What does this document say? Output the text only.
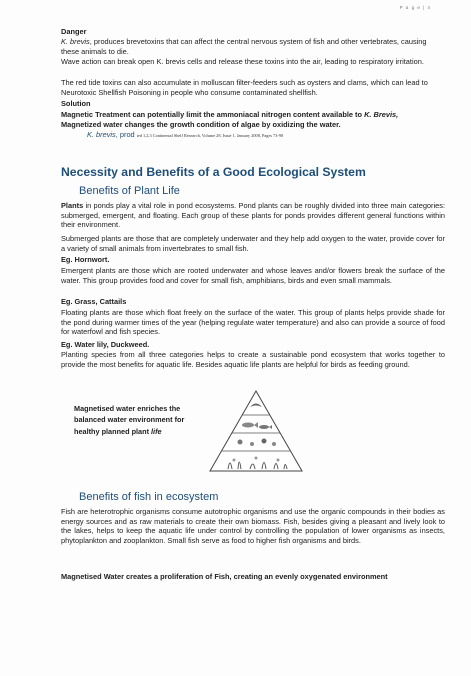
P a g e | 4

Danger

K. brevis, produces brevetoxins that can affect the central nervous system of fish and other vertebrates, causing these animals to die.

Wave action can break open K. brevis cells and release these toxins into the air, leading to respiratory irritation.

The red tide toxins can also accumulate in molluscan filter-feeders such as oysters and clams, which can lead to Neurotoxic Shellfish Poisoning in people who consume contaminated shellfish.

Solution

Magnetic Treatment can potentially limit the ammoniacal nitrogen content available to K. Brevis,

Magnetized water changes the growth condition of algae by oxidizing the water.

K. brevis, prod ted 1,2,3 Continental Shelf Research, Volume 28, Issue 1, January 2008, Pages 73-98

Necessity and Benefits of a Good Ecological System
Benefits of Plant Life

Plants in ponds play a vital role in pond ecosystems. Pond plants can be roughly divided into three main categories: submerged, emergent, and floating. Each group of these plants for ponds provides different general functions within their environment.

Submerged plants are those that are completely underwater and they help add oxygen to the water, provide cover for a variety of small animals from invertebrates to small fish.

Eg. Hornwort.

Emergent plants are those which are rooted underwater and whose leaves and/or flowers break the surface of the water. This group provides food and cover for small fish, amphibians, birds and even small mammals.

Eg. Grass, Cattails

Floating plants are those which float freely on the surface of the water. This group of plants helps provide shade for the pond during warmer times of the year (helping regulate water temperature) and also can provide a source of food for waterfowl and fish species.

Eg. Water lily, Duckweed.

Planting species from all three categories helps to create a sustainable pond ecosystem that works together to provide the most benefits for aquatic life. Besides aquatic life plants are helpful for birds as feeding ground.

Magnetised water enriches the balanced water environment for healthy planned plant life

Benefits of fish in ecosystem

Fish are heterotrophic organisms consume autotrophic organisms and use the organic compounds in their bodies as energy sources and as raw materials to create their own biomass. Fish, besides giving a pleasant and lively look to the lakes, helps to keep the aquatic life under control by controlling the population of lower organisms as insects, phytoplankton and zooplankton. Small fish serve as food to higher fish organisms and birds.

Magnetised Water creates a proliferation of Fish, creating an evenly oxygenated environment
